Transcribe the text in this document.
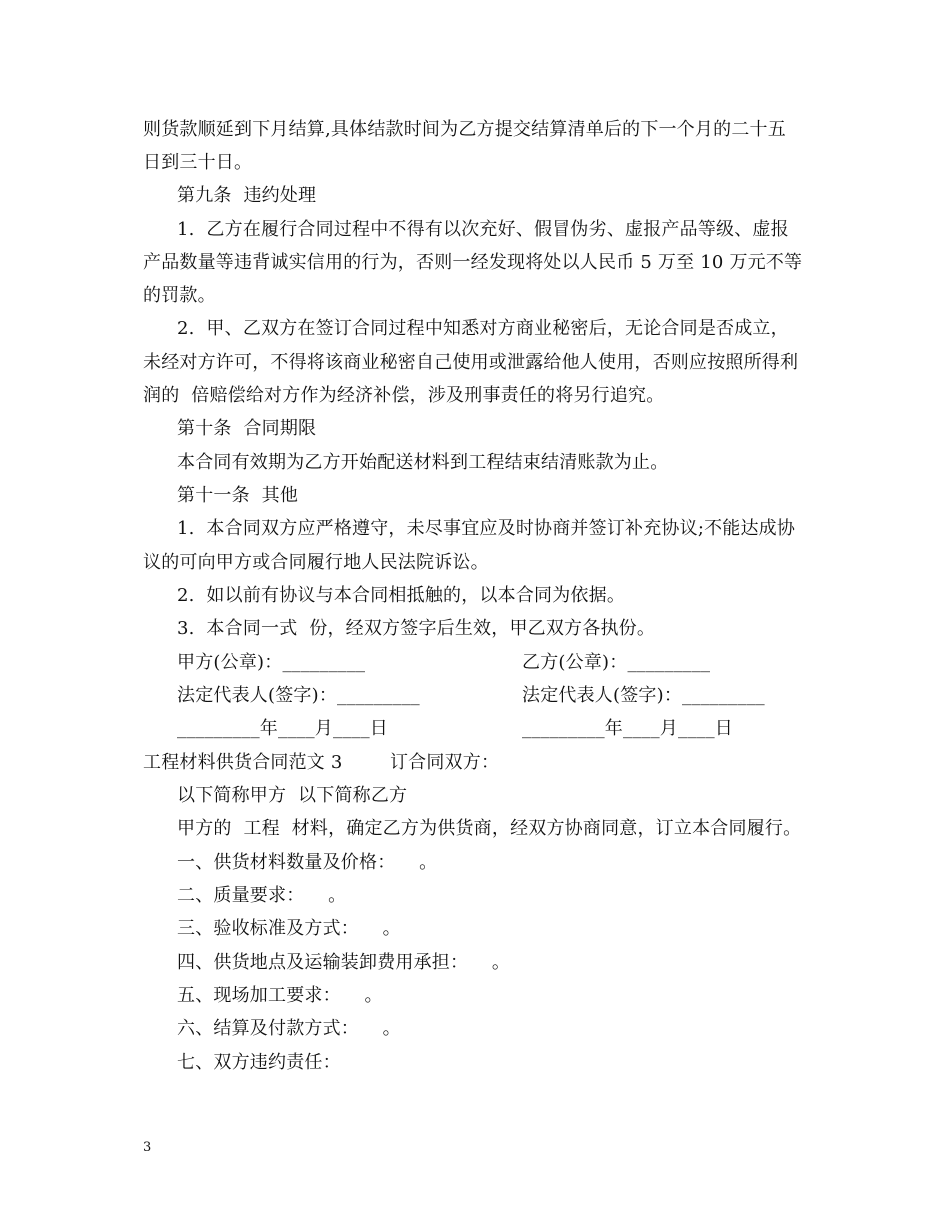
则货款顺延到下月结算,具体结款时间为乙方提交结算清单后的下一个月的二十五
日到三十日。
第九条  违约处理
1.  乙方在履行合同过程中不得有以次充好、假冒伪劣、虚报产品等级、虚报
产品数量等违背诚实信用的行为，否则一经发现将处以人民币 5 万至 10 万元不等
的罚款。
2.  甲、乙双方在签订合同过程中知悉对方商业秘密后，无论合同是否成立，
未经对方许可，不得将该商业秘密自己使用或泄露给他人使用，否则应按照所得利
润的  倍赔偿给对方作为经济补偿，涉及刑事责任的将另行追究。
第十条  合同期限
本合同有效期为乙方开始配送材料到工程结束结清账款为止。
第十一条  其他
1.  本合同双方应严格遵守，未尽事宜应及时协商并签订补充协议;不能达成协
议的可向甲方或合同履行地人民法院诉讼。
2.  如以前有协议与本合同相抵触的，以本合同为依据。
3.  本合同一式  份，经双方签字后生效，甲乙双方各执份。
甲方(公章)：_________	乙方(公章)：_________
法定代表人(签字)：_________	法定代表人(签字)：_________
_________年____月____日	_________年____月____日
工程材料供货合同范文 3        订合同双方：
以下简称甲方  以下简称乙方
甲方的  工程  材料，确定乙方为供货商，经双方协商同意，订立本合同履行。
一、供货材料数量及价格：    。
二、质量要求：    。
三、验收标准及方式：    。
四、供货地点及运输装卸费用承担：    。
五、现场加工要求：    。
六、结算及付款方式：    。
七、双方违约责任：
3
